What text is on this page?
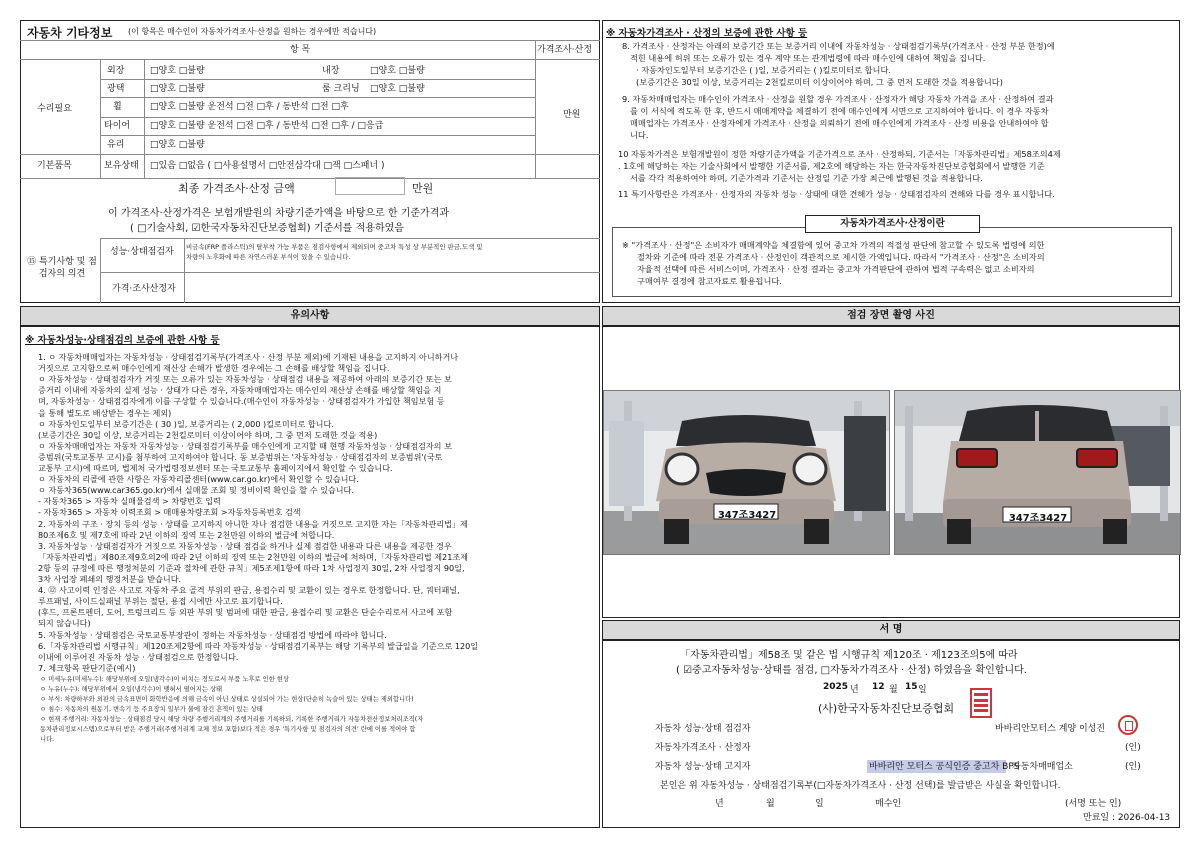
자동차 기타정보 (이 항목은 매수인이 자동차가격조사·산정을 원하는 경우에만 적습니다)
항 목	가격조사·산정
수리필요
외장	□양호 □불량	내장	□양호 □불량
광택	□양호 □불량	룸 크리닝 □양호 □불량
휠	□양호 □불량 운전석 □전 □후 / 동반석 □전 □후
만원
타이어 □양호 □불량 운전석 □전 □후 / 동반석 □전 □후 / □응급
유리	□양호 □불량
기본품목	보유상태 □있음 □없음 ( □사용설명서 □안전삼각대 □잭 □스패너 )
최종 가격조사·산정 금액	만원
이 가격조사·산정가격은 보험개발원의 차량기준가액을 바탕으로 한 기준가격과
( □기술사회, ☑한국자동차진단보증협회) 기준서를 적용하였음
⑮ 특기사항 및 점검자의 의견
성능·상태점검자 비금속(FRP 플라스틱)의 탈부착 가능 부품은 점검사항에서 제외되며 중고차 특성 상 부분적인 판금,도색 및
차량의 노후화에 따른 자연스러운 부식이 있을 수 있습니다.
가격·조사산정자
※ 자동차가격조사 · 산정의 보증에 관한 사항 등
8. 가격조사 · 산정자는 아래의 보증기간 또는 보증거리 이내에 자동차성능 · 상태점검기록부(가격조사 · 산정 부분 한정)에
적힌 내용에 허위 또는 오류가 있는 경우 계약 또는 관계법령에 따라 매수인에 대하여 책임을 집니다.
· 자동차인도일부터 보증기간은 ( )일, 보증거리는 ( )킬로미터로 합니다.
(보증기간은 30일 이상, 보증거리는 2천킬로미터 이상이어야 하며, 그 중 먼저 도래한 것을 적용합니다)
9. 자동차매매업자는 매수인이 가격조사 · 산정을 원할 경우 가격조사 · 산정자가 해당 자동차 가격을 조사 · 산정하여 결과
를 이 서식에 적도록 한 후, 반드시 매매계약을 체결하기 전에 매수인에게 서면으로 고지하여야 합니다. 이 경우 자동차
매매업자는 가격조사 · 산정자에게 가격조사 · 산정을 의뢰하기 전에 매수인에게 가격조사 · 산정 비용을 안내하여야 합
니다.
10 자동차가격은 보험개발원이 정한 차량기준가액을 기준가격으로 조사 · 산정하되, 기준서는「자동차관리법」제58조의4제
. 1호에 해당하는 자는 기술사회에서 발행한 기준서를, 제2호에 해당하는 자는 한국자동차진단보증협회에서 발행한 기준
서를 각각 적용하여야 하며, 기준가격과 기준서는 산정일 기준 가장 최근에 발행된 것을 적용합니다.
11 특기사항란은 가격조사 · 산정자의 자동차 성능 · 상태에 대한 견해가 성능 · 상태점검자의 견해와 다를 경우 표시합니다.
자동차가격조사·산정이란
※ "가격조사 · 산정"은 소비자가 매매계약을 체결함에 있어 중고차 가격의 적절성 판단에 참고할 수 있도록 법령에 의한
절차와 기준에 따라 전문 가격조사 · 산정인이 객관적으로 제시한 가액입니다. 따라서 "가격조사 · 산정"은 소비자의
자율적 선택에 따른 서비스이며, 가격조사 · 산정 결과는 중고차 가격판단에 관하여 법적 구속력은 없고 소비자의
구매여부 결정에 참고자료로 활용됩니다.
유의사항
※ 자동차성능·상태점검의 보증에 관한 사항 등
점검 장면 촬영 사진
347조3427	347조3427
서 명
「자동차관리법」제58조 및 같은 법 시행규칙 제120조 · 제123조의5에 따라
( ☑중고자동차성능·상태를 점검, □자동차가격조사 · 산정) 하였음을 확인합니다.
2025 년 12 월 15 일
(사)한국자동차진단보증협회
자동차 성능·상태 점검자	바바리안모터스 계양 이성진
자동차가격조사 · 산정자	(인)
자동차 성능·상태 고지자	바바리안 모터스 공식인증 중고차 BPS
자동차매매업소	(인)
본인은 위 자동차성능 · 상태점검기록부(□자동차가격조사 · 산정 선택)를 발급받은 사실을 확인합니다.
년	월	일	매수인	(서명 또는 인)
만료일 : 2026-04-13
1. ㅇ 자동차매매업자는 자동차성능 · 상태점검기록부(가격조사 · 산정 부분 제외)에 기재된 내용을 고지하지 아니하거나
거짓으로 고지함으로써 매수인에게 재산상 손해가 발생한 경우에는 그 손해를 배상할 책임을 집니다.
ㅇ 자동차성능 · 상태점검자가 거짓 또는 오류가 있는 자동차성능 · 상태점검 내용을 제공하여 아래의 보증기간 또는 보
증거리 이내에 자동차의 실제 성능 · 상태가 다른 경우, 자동차매매업자는 매수인의 재산상 손해를 배상할 책임을 지
며, 자동차성능 · 상태점검자에게 이를 구상할 수 있습니다.(매수인이 자동차성능 · 상태점검자가 가입한 책임보험 등
을 통해 별도로 배상받는 경우는 제외)
ㅇ 자동차인도일부터 보증기간은 ( 30 )일, 보증거리는 ( 2,000 )킬로미터로 합니다.
(보증기간은 30일 이상, 보증거리는 2천킬로미터 이상이어야 하며, 그 중 먼저 도래한 것을 적용)
ㅇ 자동차매매업자는 자동차 자동차성능 · 상태점검기록부를 매수인에게 고지할 때 현행 자동차성능 · 상태점검자의 보
증범위(국토교통부 고시)를 첨부하여 고지하여야 합니다. 동 보증범위는 '자동차성능 · 상태점검자의 보증범위'(국토
교통부 고시)에 따르며, 법제처 국가법령정보센터 또는 국토교통부 홈페이지에서 확인할 수 있습니다.
ㅇ 자동차의 리콜에 관한 사항은 자동차리콜센터(www.car.go.kr)에서 확인할 수 있습니다.
ㅇ 자동차365(www.car365.go.kr)에서 실매물 조회 및 정비이력 확인을 할 수 있습니다.
- 자동차365 > 자동차 실매물검색 > 차량번호 입력
- 자동차365 > 자동차 이력조회 > 매매용차량조회 >자동차등록번호 검색
2. 자동차의 구조 · 장치 등의 성능 · 상태를 고지하지 아니한 자나 점검한 내용을 거짓으로 고지한 자는「자동차관리법」제
80조제6호 및 제7호에 따라 2년 이하의 징역 또는 2천만원 이하의 벌금에 처합니다.
3. 자동차성능 · 상태점검자가 거짓으로 자동차성능 · 상태 점검을 하거나 실제 점검한 내용과 다른 내용을 제공한 경우
「자동차관리법」제80조제9호의2에 따라 2년 이하의 징역 또는 2천만원 이하의 벌금에 처하며,「자동차관리법 제21조제
2항 등의 규정에 따른 행정처분의 기준과 절차에 관한 규칙」제5조제1항에 따라 1차 사업정지 30일, 2차 사업정지 90일,
3차 사업장 폐쇄의 행정처분을 받습니다.
4. ⑫ 사고이력 인정은 사고로 자동차 주요 골격 부위의 판금, 용접수리 및 교환이 있는 경우로 한정합니다. 단, 쿼터패널,
루프패널, 사이드실패널 부위는 절단, 용접 시에만 사고로 표기합니다.
(후드, 프론트펜더, 도어, 트렁크리드 등 외판 부위 및 범퍼에 대한 판금, 용접수리 및 교환은 단순수리로서 사고에 포함
되지 않습니다)
5. 자동차성능 · 상태점검은 국토교통부장관이 정하는 자동차성능 · 상태점검 방법에 따라야 합니다.
6.「자동차관리법 시행규칙」제120조제2항에 따라 자동차성능 · 상태점검기록부는 해당 기록부의 발급일을 기준으로 120일
이내에 이루어진 자동차 성능 · 상태점검으로 한정합니다.
7. 체크항목 판단기준(예시)
ㅇ 미세누유(미세누수): 해당부위에 오일(냉각수)이 비치는 정도로서 부품 노후로 인한 현상
ㅇ 누유(누수): 해당부위에서 오일(냉각수)이 맺혀서 떨어지는 상태
ㅇ 부식: 차량하부와 외판의 금속표면이 화학반응에 의해 금속이 아닌 상태로 상실되어 가는 현상(단순히 녹슬어 있는 상태는 제외합니다)
ㅇ 침수: 자동차의 원동기, 변속기 등 주요장치 일부가 물에 잠긴 흔적이 있는 상태
ㅇ 현재 주행거리: 자동차성능 · 상태점검 당시 해당 차량 주행거리계의 주행거리를 기록하되, 기록한 주행거리가 자동차전산정보처리조직(자
동차관리정보시스템)으로부터 받은 주행거리(주행거리계 교체 정보 포함)보다 적은 경우 '특기사항 및 점검자의 의견' 란에 이를 적어야 합
니다.
